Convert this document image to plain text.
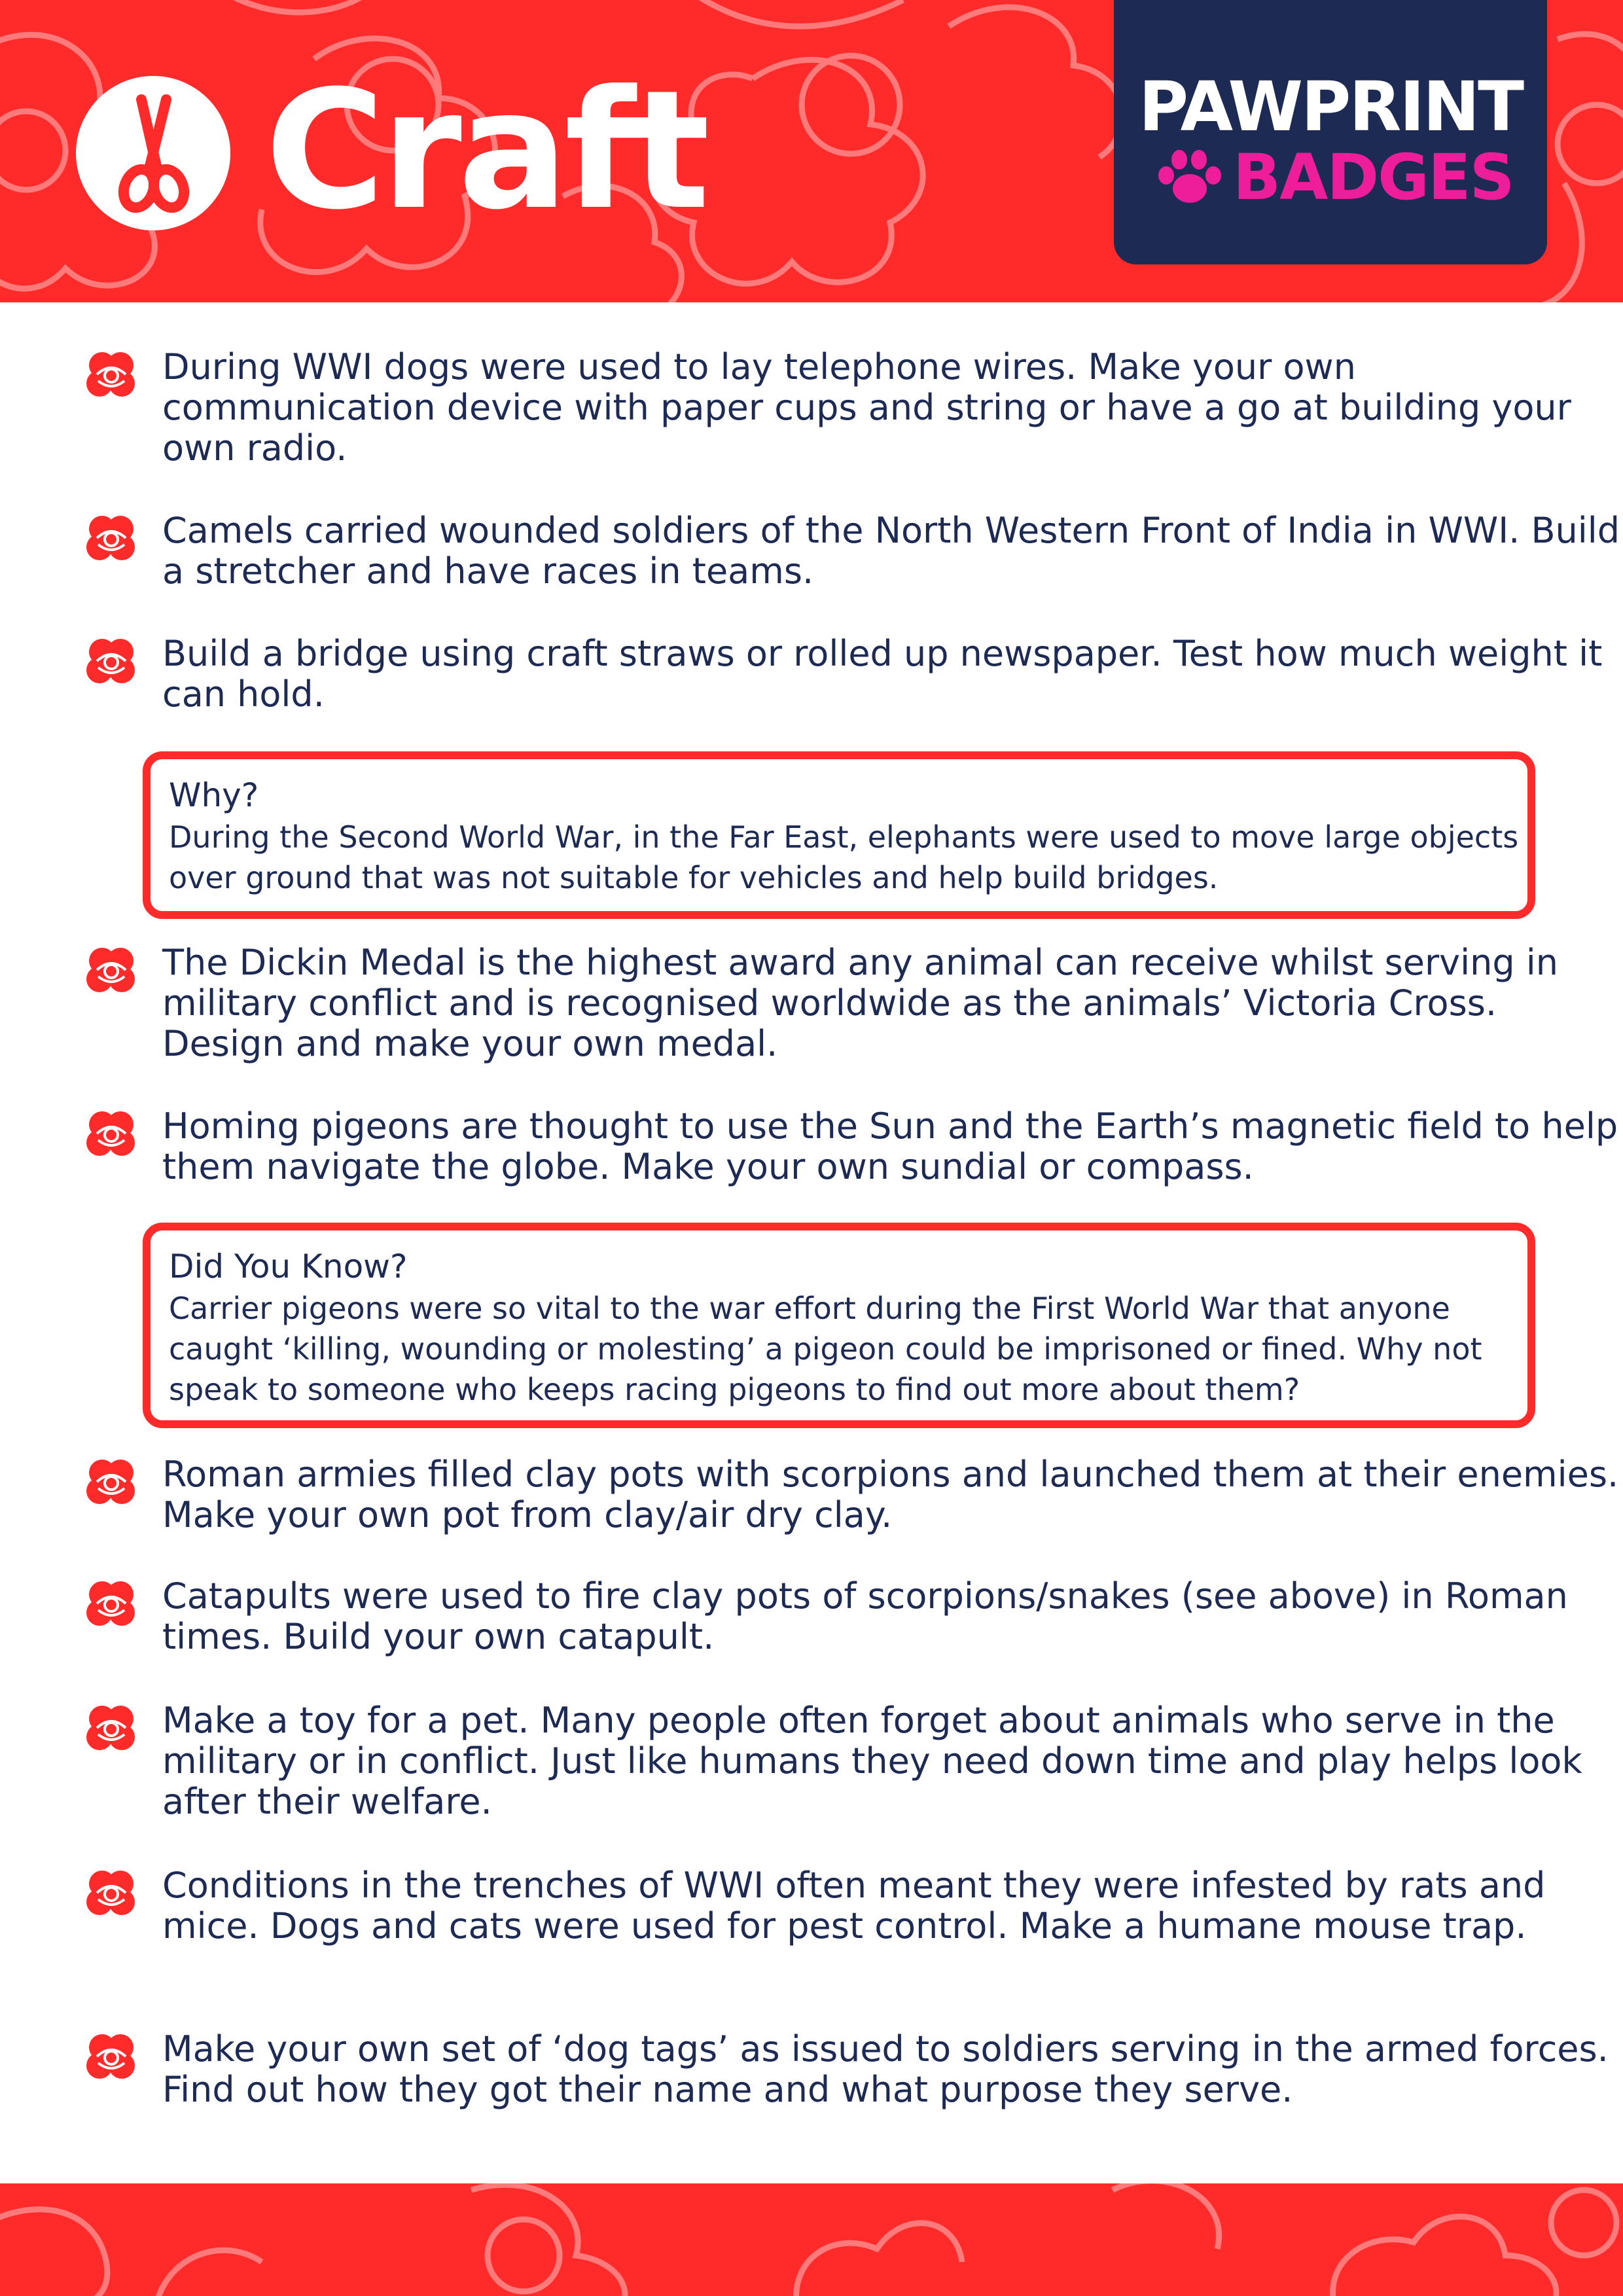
Craft	PAWPRINT
BADGES

During WWI dogs were used to lay telephone wires. Make your own communication device with paper cups and string or have a go at building your own radio.

Camels carried wounded soldiers of the North Western Front of India in WWI. Build a stretcher and have races in teams.

Build a bridge using craft straws or rolled up newspaper. Test how much weight it can hold.

Why?

During the Second World War, in the Far East, elephants were used to move large objects over ground that was not suitable for vehicles and help build bridges.

The Dickin Medal is the highest award any animal can receive whilst serving in military conflict and is recognised worldwide as the animals’ Victoria Cross. Design and make your own medal.

Homing pigeons are thought to use the Sun and the Earth’s magnetic field to help them navigate the globe. Make your own sundial or compass.

Did You Know?

Carrier pigeons were so vital to the war effort during the First World War that anyone caught ‘killing, wounding or molesting’ a pigeon could be imprisoned or fined. Why not speak to someone who keeps racing pigeons to find out more about them?

Roman armies filled clay pots with scorpions and launched them at their enemies. Make your own pot from clay/air dry clay.

Catapults were used to fire clay pots of scorpions/snakes (see above) in Roman times. Build your own catapult.

Make a toy for a pet. Many people often forget about animals who serve in the military or in conflict. Just like humans they need down time and play helps look after their welfare.

Conditions in the trenches of WWI often meant they were infested by rats and mice. Dogs and cats were used for pest control. Make a humane mouse trap.

Make your own set of ‘dog tags’ as issued to soldiers serving in the armed forces. Find out how they got their name and what purpose they serve.
